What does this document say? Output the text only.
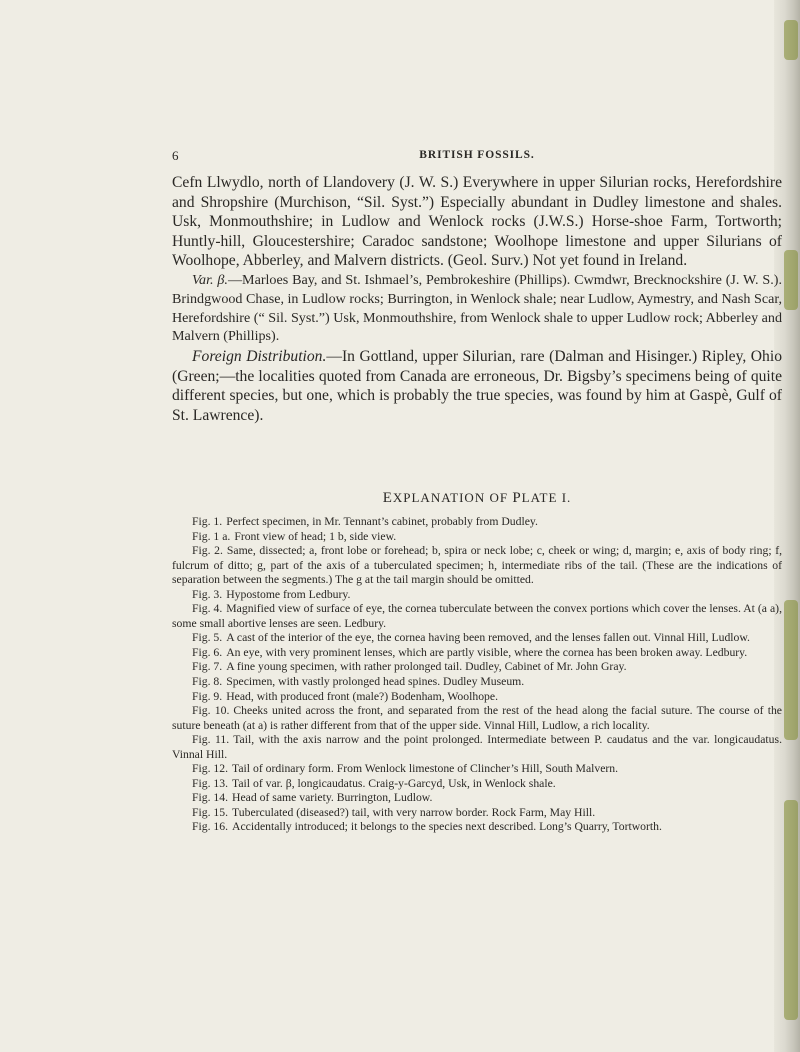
6	BRITISH FOSSILS.

Cefn Llwydlo, north of Llandovery (J. W. S.) Everywhere in upper Silurian rocks, Herefordshire and Shropshire (Murchison, “Sil. Syst.”) Especially abundant in Dudley limestone and shales. Usk, Monmouthshire; in Ludlow and Wenlock rocks (J.W.S.) Horse-shoe Farm, Tortworth; Huntly-hill, Gloucestershire; Caradoc sandstone; Woolhope limestone and upper Silurians of Woolhope, Abberley, and Malvern districts. (Geol. Surv.) Not yet found in Ireland.

Var. β.—Marloes Bay, and St. Ishmael’s, Pembrokeshire (Phillips). Cwmdwr, Brecknockshire (J. W. S.). Brindgwood Chase, in Ludlow rocks; Burrington, in Wenlock shale; near Ludlow, Aymestry, and Nash Scar, Herefordshire (“ Sil. Syst.”) Usk, Monmouthshire, from Wenlock shale to upper Ludlow rock; Abberley and Malvern (Phillips).

Foreign Distribution.—In Gottland, upper Silurian, rare (Dalman and Hisinger.) Ripley, Ohio (Green;—the localities quoted from Canada are erroneous, Dr. Bigsby’s specimens being of quite different species, but one, which is probably the true species, was found by him at Gaspè, Gulf of St. Lawrence).

EXPLANATION OF PLATE I.

Fig. 1. Perfect specimen, in Mr. Tennant’s cabinet, probably from Dudley.

Fig. 1 a. Front view of head; 1 b, side view.

Fig. 2. Same, dissected; a, front lobe or forehead; b, spira or neck lobe; c, cheek or wing; d, margin; e, axis of body ring; f, fulcrum of ditto; g, part of the axis of a tuberculated specimen; h, intermediate ribs of the tail. (These are the indications of separation between the segments.) The g at the tail margin should be omitted.

Fig. 3. Hypostome from Ledbury.

Fig. 4. Magnified view of surface of eye, the cornea tuberculate between the convex portions which cover the lenses. At (a a), some small abortive lenses are seen. Ledbury.

Fig. 5. A cast of the interior of the eye, the cornea having been removed, and the lenses fallen out. Vinnal Hill, Ludlow.

Fig. 6. An eye, with very prominent lenses, which are partly visible, where the cornea has been broken away. Ledbury.

Fig. 7. A fine young specimen, with rather prolonged tail. Dudley, Cabinet of Mr. John Gray.

Fig. 8. Specimen, with vastly prolonged head spines. Dudley Museum.

Fig. 9. Head, with produced front (male?) Bodenham, Woolhope.

Fig. 10. Cheeks united across the front, and separated from the rest of the head along the facial suture. The course of the suture beneath (at a) is rather different from that of the upper side. Vinnal Hill, Ludlow, a rich locality.

Fig. 11. Tail, with the axis narrow and the point prolonged. Intermediate between P. caudatus and the var. longicaudatus. Vinnal Hill.

Fig. 12. Tail of ordinary form. From Wenlock limestone of Clincher’s Hill, South Malvern.

Fig. 13. Tail of var. β, longicaudatus. Craig-y-Garcyd, Usk, in Wenlock shale.

Fig. 14. Head of same variety. Burrington, Ludlow.

Fig. 15. Tuberculated (diseased?) tail, with very narrow border. Rock Farm, May Hill.

Fig. 16. Accidentally introduced; it belongs to the species next described. Long’s Quarry, Tortworth.
